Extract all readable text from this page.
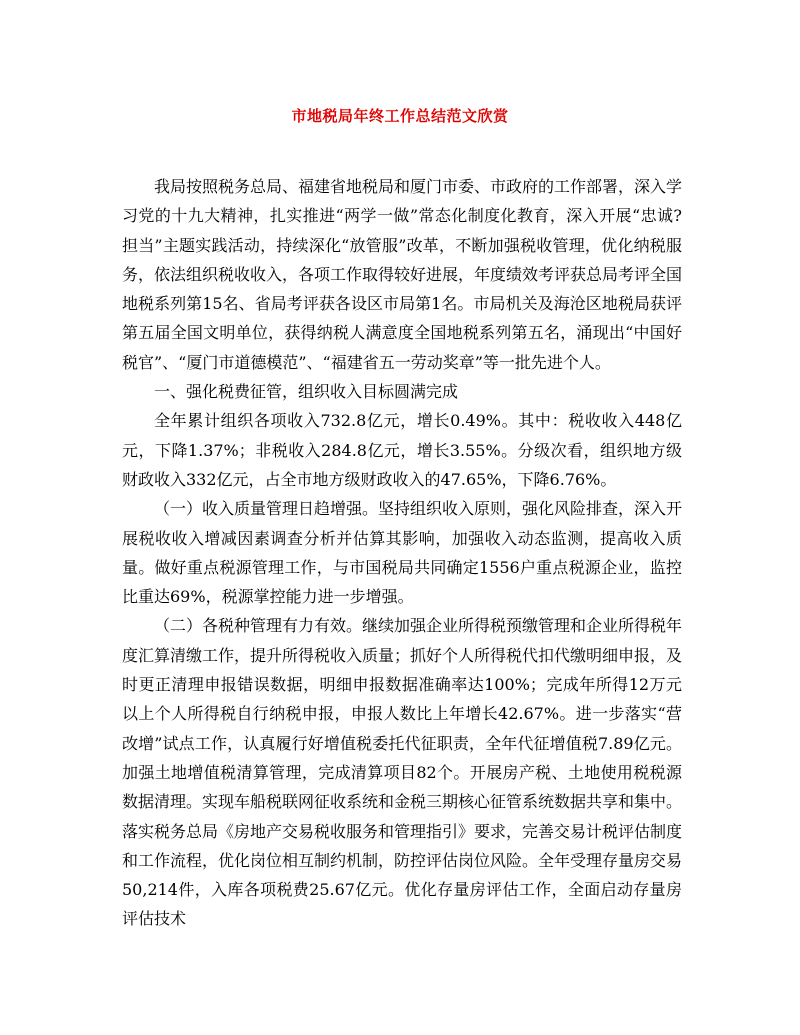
市地税局年终工作总结范文欣赏

我局按照税务总局、福建省地税局和厦门市委、市政府的工作部署，深入学习党的十九大精神，扎实推进“两学一做”常态化制度化教育，深入开展“忠诚?担当”主题实践活动，持续深化“放管服”改革，不断加强税收管理，优化纳税服务，依法组织税收收入，各项工作取得较好进展，年度绩效考评获总局考评全国地税系列第15名、省局考评获各设区市局第1名。市局机关及海沧区地税局获评第五届全国文明单位，获得纳税人满意度全国地税系列第五名，涌现出“中国好税官”、“厦门市道德模范”、“福建省五一劳动奖章”等一批先进个人。

一、强化税费征管，组织收入目标圆满完成

全年累计组织各项收入732.8亿元，增长0.49%。其中：税收收入448亿元，下降1.37%；非税收入284.8亿元，增长3.55%。分级次看，组织地方级财政收入332亿元，占全市地方级财政收入的47.65%，下降6.76%。

（一）收入质量管理日趋增强。坚持组织收入原则，强化风险排查，深入开展税收收入增减因素调查分析并估算其影响，加强收入动态监测，提高收入质量。做好重点税源管理工作，与市国税局共同确定1556户重点税源企业，监控比重达69%，税源掌控能力进一步增强。

（二）各税种管理有力有效。继续加强企业所得税预缴管理和企业所得税年度汇算清缴工作，提升所得税收入质量；抓好个人所得税代扣代缴明细申报，及时更正清理申报错误数据，明细申报数据准确率达100%；完成年所得12万元以上个人所得税自行纳税申报，申报人数比上年增长42.67%。进一步落实“营改增”试点工作，认真履行好增值税委托代征职责，全年代征增值税7.89亿元。加强土地增值税清算管理，完成清算项目82个。开展房产税、土地使用税税源数据清理。实现车船税联网征收系统和金税三期核心征管系统数据共享和集中。落实税务总局《房地产交易税收服务和管理指引》要求，完善交易计税评估制度和工作流程，优化岗位相互制约机制，防控评估岗位风险。全年受理存量房交易50,214件，入库各项税费25.67亿元。优化存量房评估工作，全面启动存量房评估技术
